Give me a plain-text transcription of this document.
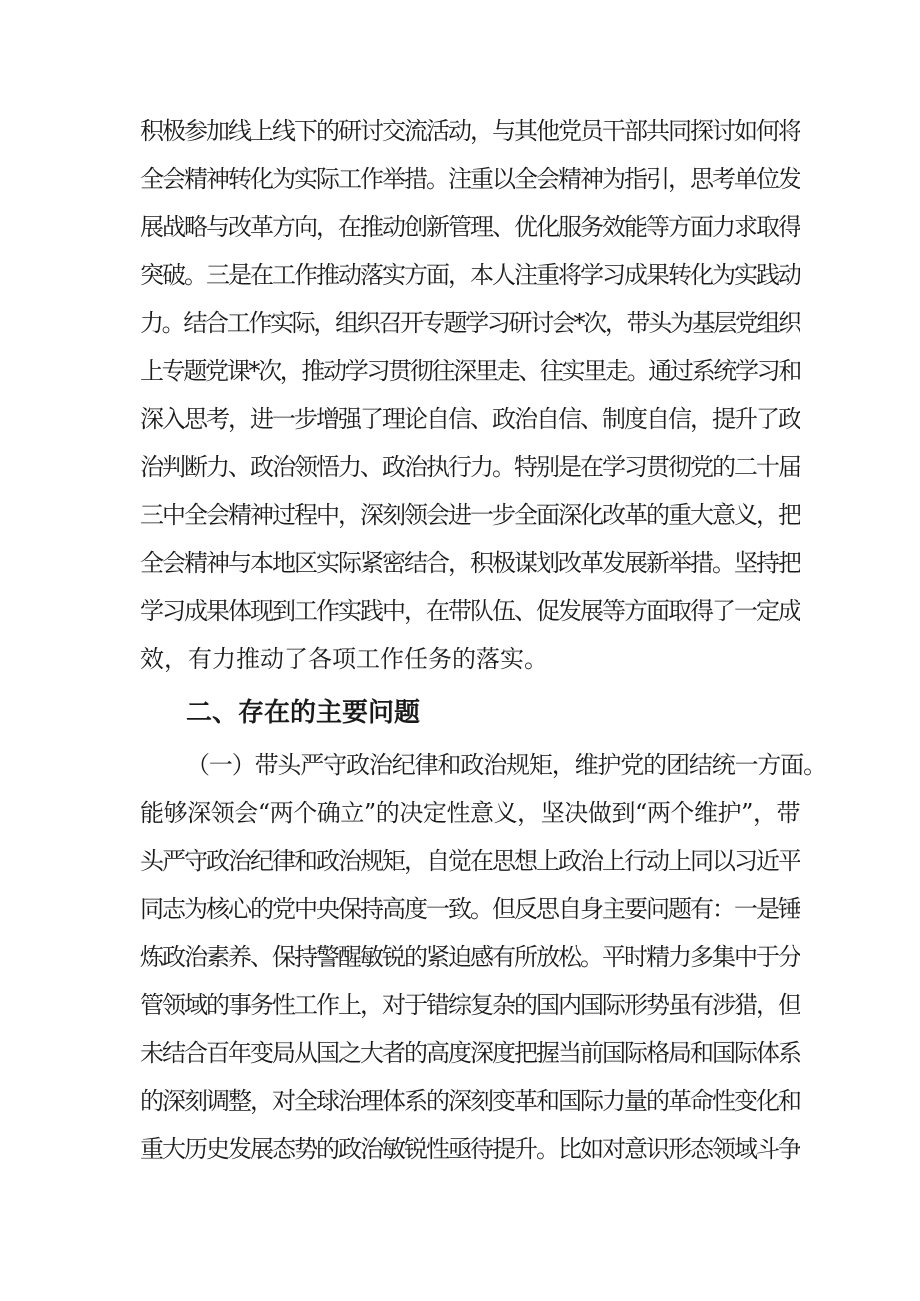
积极参加线上线下的研讨交流活动，与其他党员干部共同探讨如何将
全会精神转化为实际工作举措。注重以全会精神为指引，思考单位发
展战略与改革方向，在推动创新管理、优化服务效能等方面力求取得
突破。三是在工作推动落实方面，本人注重将学习成果转化为实践动
力。结合工作实际，组织召开专题学习研讨会*次，带头为基层党组织
上专题党课*次，推动学习贯彻往深里走、往实里走。通过系统学习和
深入思考，进一步增强了理论自信、政治自信、制度自信，提升了政
治判断力、政治领悟力、政治执行力。特别是在学习贯彻党的二十届
三中全会精神过程中，深刻领会进一步全面深化改革的重大意义，把
全会精神与本地区实际紧密结合，积极谋划改革发展新举措。坚持把
学习成果体现到工作实践中，在带队伍、促发展等方面取得了一定成
效，有力推动了各项工作任务的落实。
二、存在的主要问题
（一）带头严守政治纪律和政治规矩，维护党的团结统一方面。
能够深领会“两个确立”的决定性意义，坚决做到“两个维护”，带
头严守政治纪律和政治规矩，自觉在思想上政治上行动上同以习近平
同志为核心的党中央保持高度一致。但反思自身主要问题有：一是锤
炼政治素养、保持警醒敏锐的紧迫感有所放松。平时精力多集中于分
管领域的事务性工作上，对于错综复杂的国内国际形势虽有涉猎，但
未结合百年变局从国之大者的高度深度把握当前国际格局和国际体系
的深刻调整，对全球治理体系的深刻变革和国际力量的革命性变化和
重大历史发展态势的政治敏锐性亟待提升。比如对意识形态领域斗争
